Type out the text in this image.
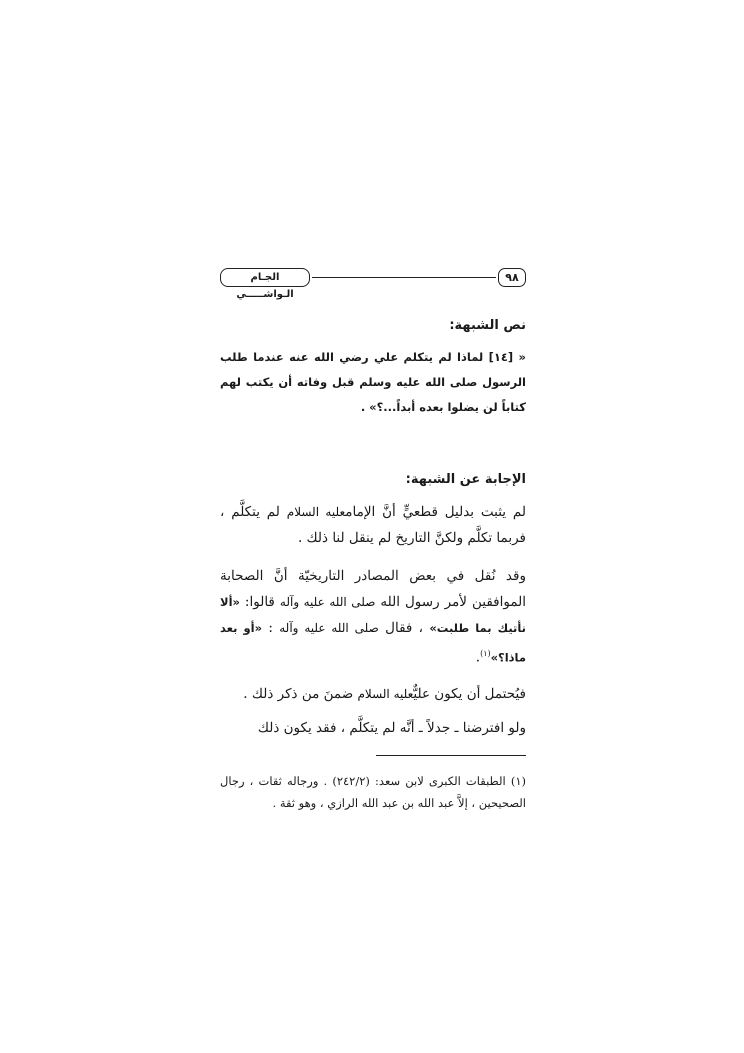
٩٨
الجـام الـواشـــــي

نص الشبهة:

« [١٤] لماذا لم يتكلم علي رضي الله عنه عندما طلب الرسول صلى الله عليه وسلم قبل وفاته أن يكتب لهم كتاباً لن يضلوا بعده أبداً...؟» .

الإجابة عن الشبهة:

لم يثبت بدليل قطعيٍّ أنَّ الإمامعليه السلام لم يتكلَّم ، فربما تكلَّم ولكنَّ التاريخ لم ينقل لنا ذلك .

وقد نُقل في بعض المصادر التاريخيّة أنَّ الصحابة الموافقين لأمر رسول الله صلى الله عليه وآله قالوا: «ألا نأتيك بما طلبت» ، فقال صلى الله عليه وآله : «أو بعد ماذا؟»$^{(١)}$.

فيُحتمل أن يكون عليٌّعليه السلام ضمنَ من ذكر ذلك .

ولو افترضنا ـ جدلاً ـ أنَّه لم يتكلَّم ، فقد يكون ذلك

(١) الطبقات الكبرى لابن سعد: (٢٤٢/٢) . ورجاله ثقات ، رجال الصحيحين ، إلاَّ عبد الله بن عبد الله الرازي ، وهو ثقة .
